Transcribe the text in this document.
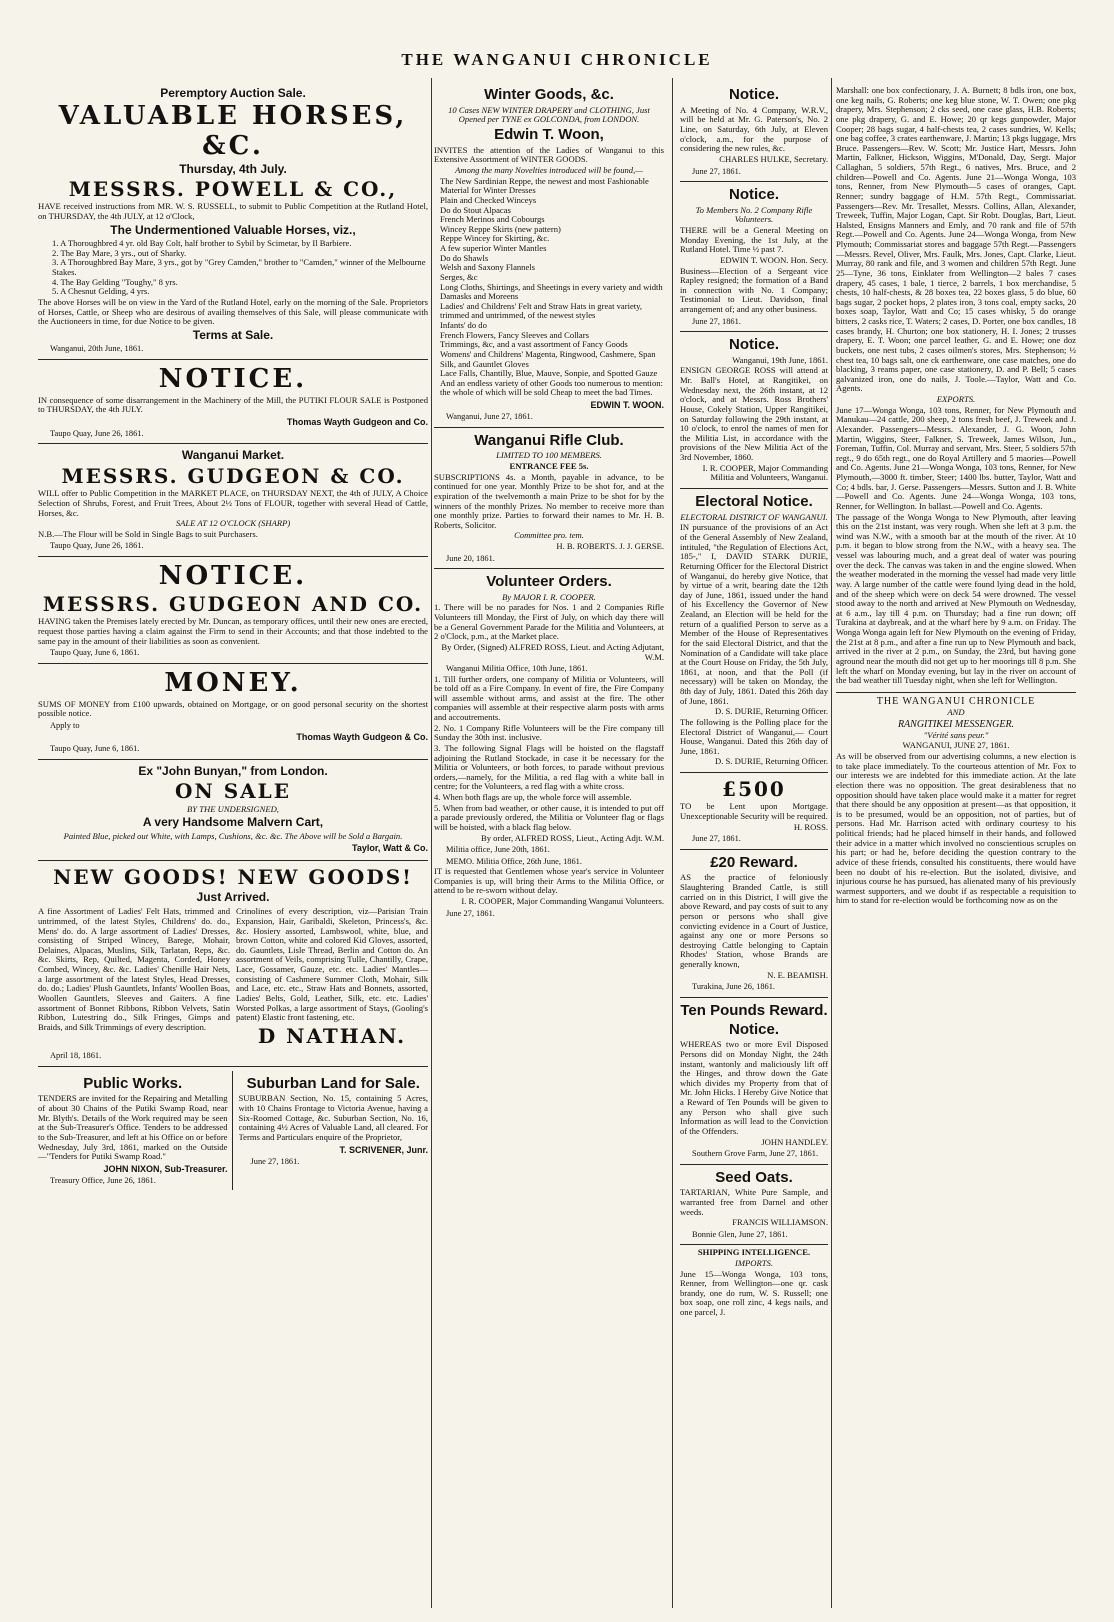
THE WANGANUI CHRONICLE
Peremptory Auction Sale.
VALUABLE HORSES, &C.
Thursday, 4th July.
MESSRS. POWELL & CO.,

HAVE received instructions from MR. W. S. RUSSELL, to submit to Public Competition at the Rutland Hotel, on THURSDAY, the 4th JULY, at 12 o'Clock,

The Undermentioned Valuable Horses, viz.,
1. A Thoroughbred 4 yr. old Bay Colt, half brother to Sybil by Scimetar, by Il Barbiere.
2. The Bay Mare, 3 yrs., out of Sharky.
3. A Thoroughbred Bay Mare, 3 yrs., got by "Grey Camden," brother to "Camden," winner of the Melbourne Stakes.
4. The Bay Gelding "Toughy," 8 yrs.
5. A Chesnut Gelding, 4 yrs.

The above Horses will be on view in the Yard of the Rutland Hotel, early on the morning of the Sale. Proprietors of Horses, Cattle, or Sheep who are desirous of availing themselves of this Sale, will please communicate with the Auctioneers in time, for due Notice to be given.

Terms at Sale.
Wanganui, 20th June, 1861.
NOTICE.

IN consequence of some disarrangement in the Machinery of the Mill, the PUTIKI FLOUR SALE is Postponed to THURSDAY, the 4th JULY.

Thomas Wayth Gudgeon and Co.
Taupo Quay, June 26, 1861.
Wanganui Market.
MESSRS. GUDGEON & CO.

WILL offer to Public Competition in the MARKET PLACE, on THURSDAY NEXT, the 4th of JULY, A Choice Selection of Shrubs, Forest, and Fruit Trees, About 2½ Tons of FLOUR, together with several Head of Cattle, Horses, &c.

SALE AT 12 O'CLOCK (SHARP)

N.B.—The Flour will be Sold in Single Bags to suit Purchasers.

Taupo Quay, June 26, 1861.
NOTICE.
MESSRS. GUDGEON AND CO.

HAVING taken the Premises lately erected by Mr. Duncan, as temporary offices, until their new ones are erected, request those parties having a claim against the Firm to send in their Accounts; and that those indebted to the same pay in the amount of their liabilities as soon as convenient.

Taupo Quay, June 6, 1861.
MONEY.

SUMS OF MONEY from £100 upwards, obtained on Mortgage, or on good personal security on the shortest possible notice.

Apply to
Thomas Wayth Gudgeon & Co.
Taupo Quay, June 6, 1861.
Ex "John Bunyan," from London.
ON SALE
BY THE UNDERSIGNED,
A very Handsome Malvern Cart,
Painted Blue, picked out White, with Lamps, Cushions, &c. &c. The Above will be Sold a Bargain.
Taylor, Watt & Co.
NEW GOODS! NEW GOODS!
Just Arrived.

A fine Assortment of Ladies' Felt Hats, trimmed and untrimmed, of the latest Styles, Childrens' do. do., Mens' do. do. A large assortment of Ladies' Dresses, consisting of Striped Wincey, Barege, Mohair, Delaines, Alpacas, Muslins, Silk, Tarlatan, Reps, &c. &c. Skirts, Rep, Quilted, Magenta, Corded, Honey Combed, Wincey, &c. &c. Ladies' Chenille Hair Nets, a large assortment of the latest Styles, Head Dresses, do. do.; Ladies' Plush Gauntlets, Infants' Woollen Boas, Woollen Gauntlets, Sleeves and Gaiters. A fine assortment of Bonnet Ribbons, Ribbon Velvets, Satin Ribbon, Lutestring do., Silk Fringes, Gimps and Braids, and Silk Trimmings of every description.

Crinolines of every description, viz—Parisian Train Expansion, Hair, Garibaldi, Skeleton, Princess's, &c. &c. Hosiery assorted, Lambswool, white, blue, and brown Cotton, white and colored Kid Gloves, assorted, do. Gauntlets, Lisle Thread, Berlin and Cotton do. An assortment of Veils, comprising Tulle, Chantilly, Crape, Lace, Gossamer, Gauze, etc. etc. Ladies' Mantles—consisting of Cashmere Summer Cloth, Mohair, Silk and Lace, etc. etc., Straw Hats and Bonnets, assorted, Ladies' Belts, Gold, Leather, Silk, etc. etc. Ladies' Worsted Polkas, a large assortment of Stays, (Gooling's patent) Elastic front fastening, etc.

D NATHAN.
April 18, 1861.
Public Works.

TENDERS are invited for the Repairing and Metalling of about 30 Chains of the Putiki Swamp Road, near Mr. Blyth's. Details of the Work required may be seen at the Sub-Treasurer's Office. Tenders to be addressed to the Sub-Treasurer, and left at his Office on or before Wednesday, July 3rd, 1861, marked on the Outside—"Tenders for Putiki Swamp Road."

JOHN NIXON, Sub-Treasurer.
Treasury Office, June 26, 1861.
Suburban Land for Sale.

SUBURBAN Section, No. 15, containing 5 Acres, with 10 Chains Frontage to Victoria Avenue, having a Six-Roomed Cottage, &c. Suburban Section, No. 16, containing 4½ Acres of Valuable Land, all cleared. For Terms and Particulars enquire of the Proprietor,

T. SCRIVENER, Junr.
June 27, 1861.
Winter Goods, &c.
10 Cases NEW WINTER DRAPERY and CLOTHING, Just Opened per TYNE ex GOLCONDA, from LONDON.
Edwin T. Woon,

INVITES the attention of the Ladies of Wanganui to this Extensive Assortment of WINTER GOODS.

Among the many Novelties introduced will be found,—
The New Sardinian Reppe, the newest and most Fashionable Material for Winter Dresses
Plain and Checked Winceys
Do do Stout Alpacas
French Merinos and Cobourgs
Wincey Reppe Skirts (new pattern)
Reppe Wincey for Skirting, &c.
A few superior Winter Mantles
Do do Shawls
Welsh and Saxony Flannels
Serges, &c
Long Cloths, Shirtings, and Sheetings in every variety and width
Damasks and Moreens
Ladies' and Childrens' Felt and Straw Hats in great variety, trimmed and untrimmed, of the newest styles
Infants' do do
French Flowers, Fancy Sleeves and Collars
Trimmings, &c, and a vast assortment of Fancy Goods
Womens' and Childrens' Magenta, Ringwood, Cashmere, Span Silk, and Gauntlet Gloves
Lace Falls, Chantilly, Blue, Mauve, Sonpie, and Spotted Gauze
And an endless variety of other Goods too numerous to mention: the whole of which will be sold Cheap to meet the bad Times.
EDWIN T. WOON.
Wanganui, June 27, 1861.
Wanganui Rifle Club.
LIMITED TO 100 MEMBERS.
ENTRANCE FEE 5s.

SUBSCRIPTIONS 4s. a Month, payable in advance, to be continued for one year. Monthly Prize to be shot for, and at the expiration of the twelvemonth a main Prize to be shot for by the winners of the monthly Prizes. No member to receive more than one monthly prize. Parties to forward their names to Mr. H. B. Roberts, Solicitor.

Committee pro. tem.
H. B. ROBERTS. J. J. GERSE.
June 20, 1861.
Volunteer Orders.
By MAJOR I. R. COOPER.

1. There will be no parades for Nos. 1 and 2 Companies Rifle Volunteers till Monday, the First of July, on which day there will be a General Government Parade for the Militia and Volunteers, at 2 o'Clock, p.m., at the Market place.

By Order, (Signed) ALFRED ROSS, Lieut. and Acting Adjutant, W.M.
Wanganui Militia Office, 10th June, 1861.

1. Till further orders, one company of Militia or Volunteers, will be told off as a Fire Company. In event of fire, the Fire Company will assemble without arms, and assist at the fire. The other companies will assemble at their respective alarm posts with arms and accoutrements.

2. No. 1 Company Rifle Volunteers will be the Fire company till Sunday the 30th inst. inclusive.

3. The following Signal Flags will be hoisted on the flagstaff adjoining the Rutland Stockade, in case it be necessary for the Militia or Volunteers, or both forces, to parade without previous orders,—namely, for the Militia, a red flag with a white ball in centre; for the Volunteers, a red flag with a white cross.

4. When both flags are up, the whole force will assemble.

5. When from bad weather, or other cause, it is intended to put off a parade previously ordered, the Militia or Volunteer flag or flags will be hoisted, with a black flag below.

By order, ALFRED ROSS, Lieut., Acting Adjt. W.M.
Militia office, June 20th, 1861.
MEMO. Militia Office, 26th June, 1861.

IT is requested that Gentlemen whose year's service in Volunteer Companies is up, will bring their Arms to the Militia Office, or attend to be re-sworn without delay.

I. R. COOPER, Major Commanding Wanganui Volunteers.
June 27, 1861.
Notice.

A Meeting of No. 4 Company, W.R.V., will be held at Mr. G. Paterson's, No. 2 Line, on Saturday, 6th July, at Eleven o'clock, a.m., for the purpose of considering the new rules, &c.

CHARLES HULKE, Secretary.
June 27, 1861.
Notice.
To Members No. 2 Company Rifle Volunteers.

THERE will be a General Meeting on Monday Evening, the 1st July, at the Rutland Hotel. Time ½ past 7.

EDWIN T. WOON. Hon. Secy.

Business—Election of a Sergeant vice Rapley resigned; the formation of a Band in connection with No. 1 Company; Testimonial to Lieut. Davidson, final arrangement of; and any other business.

June 27, 1861.
Notice.
Wanganui, 19th June, 1861.

ENSIGN GEORGE ROSS will attend at Mr. Ball's Hotel, at Rangitikei, on Wednesday next, the 26th instant, at 12 o'clock, and at Messrs. Ross Brothers' House, Cokely Station, Upper Rangitikei, on Saturday following the 29th instant, at 10 o'clock, to enrol the names of men for the Militia List, in accordance with the provisions of the New Militia Act of the 3rd November, 1860.

I. R. COOPER, Major Commanding Militia and Volunteers, Wanganui.
Electoral Notice.
ELECTORAL DISTRICT OF WANGANUI.

IN pursuance of the provisions of an Act of the General Assembly of New Zealand, intituled, "the Regulation of Elections Act, 185-," I, DAVID STARK DURIE, Returning Officer for the Electoral District of Wanganui, do hereby give Notice, that by virtue of a writ, bearing date the 12th day of June, 1861, issued under the hand of his Excellency the Governor of New Zealand, an Election will be held for the return of a qualified Person to serve as a Member of the House of Representatives for the said Electoral District, and that the Nomination of a Candidate will take place at the Court House on Friday, the 5th July, 1861, at noon, and that the Poll (if necessary) will be taken on Monday, the 8th day of July, 1861. Dated this 26th day of June, 1861.

D. S. DURIE, Returning Officer.

The following is the Polling place for the Electoral District of Wanganui,— Court House, Wanganui. Dated this 26th day of June, 1861.

D. S. DURIE, Returning Officer.
£500

TO be Lent upon Mortgage. Unexceptionable Security will be required.

H. ROSS.
June 27, 1861.
£20 Reward.

AS the practice of feloniously Slaughtering Branded Cattle, is still carried on in this District, I will give the above Reward, and pay costs of suit to any person or persons who shall give convicting evidence in a Court of Justice, against any one or more Persons so destroying Cattle belonging to Captain Rhodes' Station, whose Brands are generally known,

N. E. BEAMISH.
Turakina, June 26, 1861.
Ten Pounds Reward.
Notice.

WHEREAS two or more Evil Disposed Persons did on Monday Night, the 24th instant, wantonly and maliciously lift off the Hinges, and throw down the Gate which divides my Property from that of Mr. John Hicks. I Hereby Give Notice that a Reward of Ten Pounds will be given to any Person who shall give such Information as will lead to the Conviction of the Offenders.

JOHN HANDLEY.
Southern Grove Farm, June 27, 1861.
Seed Oats.

TARTARIAN, White Pure Sample, and warranted free from Darnel and other weeds.

FRANCIS WILLIAMSON.
Bonnie Glen, June 27, 1861.
SHIPPING INTELLIGENCE.
IMPORTS.

June 15—Wonga Wonga, 103 tons, Renner, from Wellington—one qr. cask brandy, one do rum, W. S. Russell; one box soap, one roll zinc, 4 kegs nails, and one parcel, J.

Marshall: one box confectionary, J. A. Burnett; 8 bdls iron, one box, one keg nails, G. Roberts; one keg blue stone, W. T. Owen; one pkg drapery, Mrs. Stephenson; 2 cks seed, one case glass, H.B. Roberts; one pkg drapery, G. and E. Howe; 20 qr kegs gunpowder, Major Cooper; 28 bags sugar, 4 half-chests tea, 2 cases sundries, W. Kells; one bag coffee, 3 crates earthenware, J. Martin; 13 pkgs luggage, Mrs Bruce. Passengers—Rev. W. Scott; Mr. Justice Hart, Messrs. John Martin, Falkner, Hickson, Wiggins, M'Donald, Day, Sergt. Major Callaghan, 5 soldiers, 57th Regt., 6 natives, Mrs. Bruce, and 2 children—Powell and Co. Agents. June 21—Wonga Wonga, 103 tons, Renner, from New Plymouth—5 cases of oranges, Capt. Renner; sundry baggage of H.M. 57th Regt., Commissariat. Passengers—Rev. Mr. Tresallet, Messrs. Collins, Allan, Alexander, Treweek, Tuffin, Major Logan, Capt. Sir Robt. Douglas, Bart, Lieut. Halsted, Ensigns Manners and Emly, and 70 rank and file of 57th Regt.—Powell and Co. Agents. June 24—Wonga Wonga, from New Plymouth; Commissariat stores and baggage 57th Regt.—Passengers—Messrs. Revel, Oliver, Mrs. Faulk, Mrs. Jones, Capt. Clarke, Lieut. Murray, 80 rank and file, and 3 women and children 57th Regt. June 25—Tyne, 36 tons, Einklater from Wellington—2 bales 7 cases drapery, 45 cases, 1 bale, 1 tierce, 2 barrels, 1 box merchandise, 5 chests, 10 half-chests, & 28 boxes tea, 22 boxes glass, 5 do blue, 60 bags sugar, 2 pocket hops, 2 plates iron, 3 tons coal, empty sacks, 20 boxes soap, Taylor, Watt and Co; 15 cases whisky, 5 do orange bitters, 2 casks rice, T. Waters; 2 cases, D. Porter, one box candles, 18 cases brandy, H. Churton; one box stationery, H. I. Jones; 2 trusses drapery, E. T. Woon; one parcel leather, G. and E. Howe; one doz buckets, one nest tubs, 2 cases oilmen's stores, Mrs. Stephenson; ½ chest tea, 10 bags salt, one ck earthenware, one case matches, one do blacking, 3 reams paper, one case stationery, D. and P. Bell; 5 cases galvanized iron, one do nails, J. Toole.—Taylor, Watt and Co. Agents.

EXPORTS.

June 17—Wonga Wonga, 103 tons, Renner, for New Plymouth and Manukau—24 cattle, 200 sheep, 2 tons fresh beef, J. Treweek and J. Alexander. Passengers—Messrs. Alexander, J. G. Woon, John Martin, Wiggins, Steer, Falkner, S. Treweek, James Wilson, Jun., Foreman, Tuffin, Col. Murray and servant, Mrs. Steer, 5 soldiers 57th regt., 9 do 65th regt., one do Royal Artillery and 5 maories—Powell and Co. Agents. June 21—Wonga Wonga, 103 tons, Renner, for New Plymouth,—3000 ft. timber, Steer; 1400 lbs. butter, Taylor, Watt and Co; 4 bdls. bar, J. Gerse. Passengers—Messrs. Sutton and J. B. White—Powell and Co. Agents. June 24—Wonga Wonga, 103 tons, Renner, for Wellington. In ballast.—Powell and Co. Agents.

The passage of the Wonga Wonga to New Plymouth, after leaving this on the 21st instant, was very rough. When she left at 3 p.m. the wind was N.W., with a smooth bar at the mouth of the river. At 10 p.m. it began to blow strong from the N.W., with a heavy sea. The vessel was labouring much, and a great deal of water was pouring over the deck. The canvas was taken in and the engine slowed. When the weather moderated in the morning the vessel had made very little way. A large number of the cattle were found lying dead in the hold, and of the sheep which were on deck 54 were drowned. The vessel stood away to the north and arrived at New Plymouth on Wednesday, at 6 a.m., lay till 4 p.m. on Thursday; had a fine run down; off Turakina at daybreak, and at the wharf here by 9 a.m. on Friday. The Wonga Wonga again left for New Plymouth on the evening of Friday, the 21st at 8 p.m., and after a fine run up to New Plymouth and back, arrived in the river at 2 p.m., on Sunday, the 23rd, but having gone aground near the mouth did not get up to her moorings till 8 p.m. She left the wharf on Monday evening, but lay in the river on account of the bad weather till Tuesday night, when she left for Wellington.

THE WANGANUI CHRONICLE
AND
RANGITIKEI MESSENGER.
"Vérité sans peur."
WANGANUI, JUNE 27, 1861.

As will be observed from our advertising columns, a new election is to take place immediately. To the courteous attention of Mr. Fox to our interests we are indebted for this immediate action. At the late election there was no opposition. The great desirableness that no opposition should have taken place would make it a matter for regret that there should be any opposition at present—as that opposition, it is to be presumed, would be an opposition, not of parties, but of persons. Had Mr. Harrison acted with ordinary courtesy to his political friends; had he placed himself in their hands, and followed their advice in a matter which involved no conscientious scruples on his part; or had he, before deciding the question contrary to the advice of these friends, consulted his constituents, there would have been no doubt of his re-election. But the isolated, divisive, and injurious course he has pursued, has alienated many of his previously warmest supporters, and we doubt if as respectable a requisition to him to stand for re-election would be forthcoming now as on the
